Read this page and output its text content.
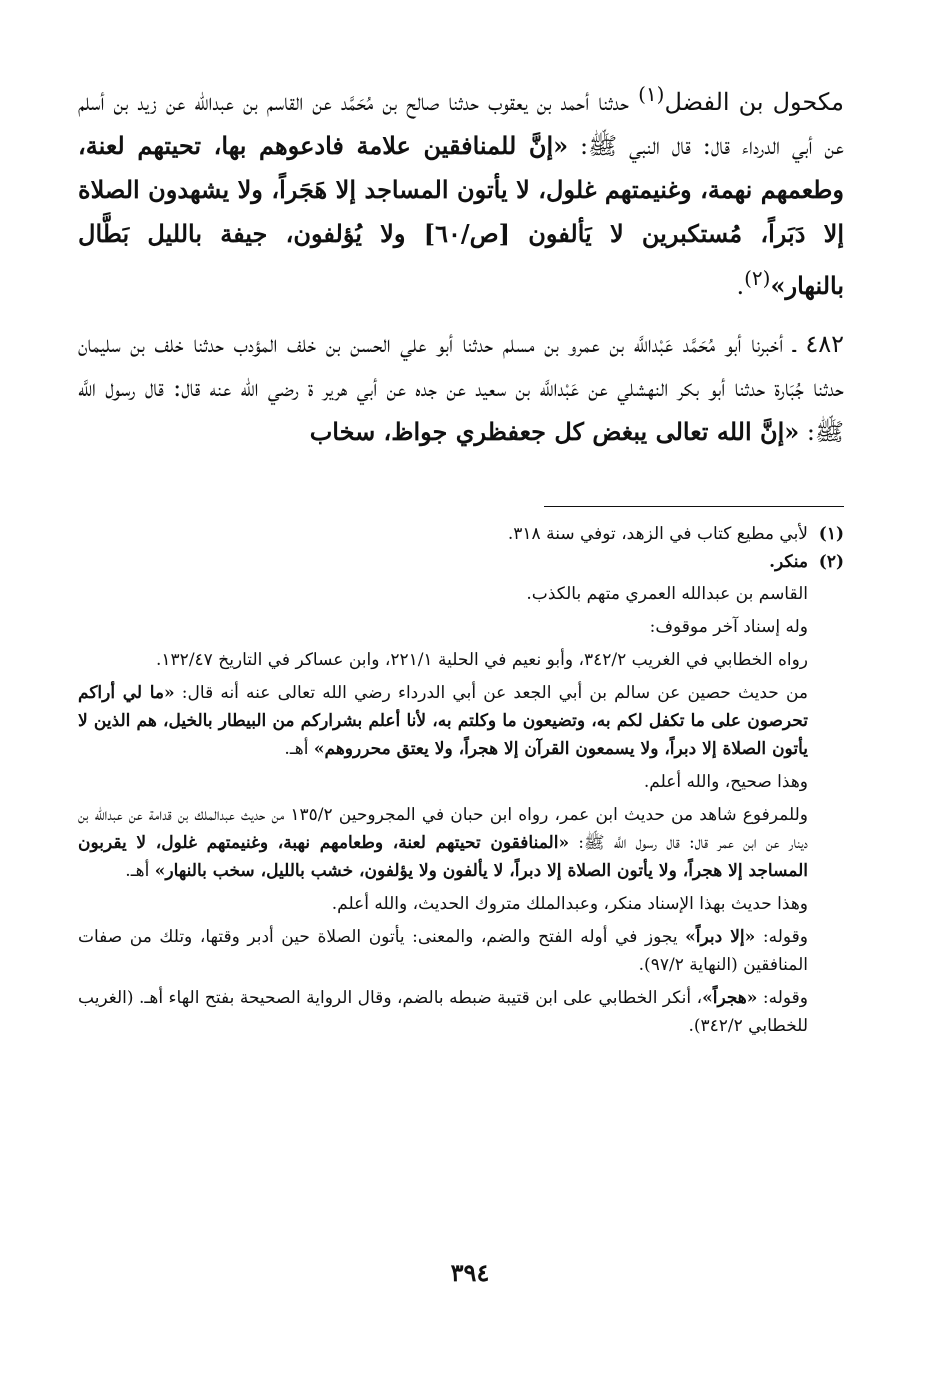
مكحول بن الفضل$^{(١)}$ حدثنا أحمد بن يعقوب حدثنا صالح بن مُحَمَّد عن القاسم بن عبدالله عن زيد بن أسلم عن أبي الدرداء قال: قال النبي ﷺ: «إنَّ للمنافقين علامة فادعوهم بها، تحيتهم لعنة، وطعمهم نهمة، وغنيمتهم غلول، لا يأتون المساجد إلا هَجَراً، ولا يشهدون الصلاة إلا دَبَراً، مُستكبرين لا يَألفون [ص/٦٠] ولا يُؤلفون، جيفة بالليل بَطَّال بالنهار»$^{(٢)}$.

٤٨٢ ـ أخبرنا أبو مُحَمَّد عَبْداللَّه بن عمرو بن مسلم حدثنا أبو علي الحسن بن خلف المؤدب حدثنا خلف بن سليمان حدثنا جُبَارة حدثنا أبو بكر النهشلي عن عَبْداللَّه بن سعيد عن جده عن أبي هرير ة رضي الله عنه قال: قال رسول اللَّه ﷺ: «إنَّ الله تعالى يبغض كل جعفظري جواظ، سخاب

(١)لأبي مطيع كتاب في الزهد، توفي سنة ٣١٨.

(٢)منكر.

القاسم بن عبدالله العمري متهم بالكذب.

وله إسناد آخر موقوف:

رواه الخطابي في الغريب ٣٤٢/٢، وأبو نعيم في الحلية ٢٢١/١، وابن عساكر في التاريخ ١٣٢/٤٧.

من حديث حصين عن سالم بن أبي الجعد عن أبي الدرداء رضي الله تعالى عنه أنه قال: «ما لي أراكم تحرصون على ما تكفل لكم به، وتضيعون ما وكلتم به، لأنا أعلم بشراركم من البيطار بالخيل، هم الذين لا يأتون الصلاة إلا دبراً، ولا يسمعون القرآن إلا هجراً، ولا يعتق محرروهم» أهـ.

وهذا صحيح، والله أعلم.

وللمرفوع شاهد من حديث ابن عمر، رواه ابن حبان في المجروحين ١٣٥/٢ من حديث عبدالملك بن قدامة عن عبدالله بن دينار عن ابن عمر قال: قال رسول اللَّه ﷺ: «المنافقون تحيتهم لعنة، وطعامهم نهبة، وغنيمتهم غلول، لا يقربون المساجد إلا هجراً، ولا يأتون الصلاة إلا دبراً، لا يألفون ولا يؤلفون، خشب بالليل، سخب بالنهار» أهـ.

وهذا حديث بهذا الإسناد منكر، وعبدالملك متروك الحديث، والله أعلم.

وقوله: «إلا دبراً» يجوز في أوله الفتح والضم، والمعنى: يأتون الصلاة حين أدبر وقتها، وتلك من صفات المنافقين (النهاية ٩٧/٢).

وقوله: «هجراً»، أنكر الخطابي على ابن قتيبة ضبطه بالضم، وقال الرواية الصحيحة بفتح الهاء أهـ. (الغريب للخطابي ٣٤٢/٢).

٣٩٤
